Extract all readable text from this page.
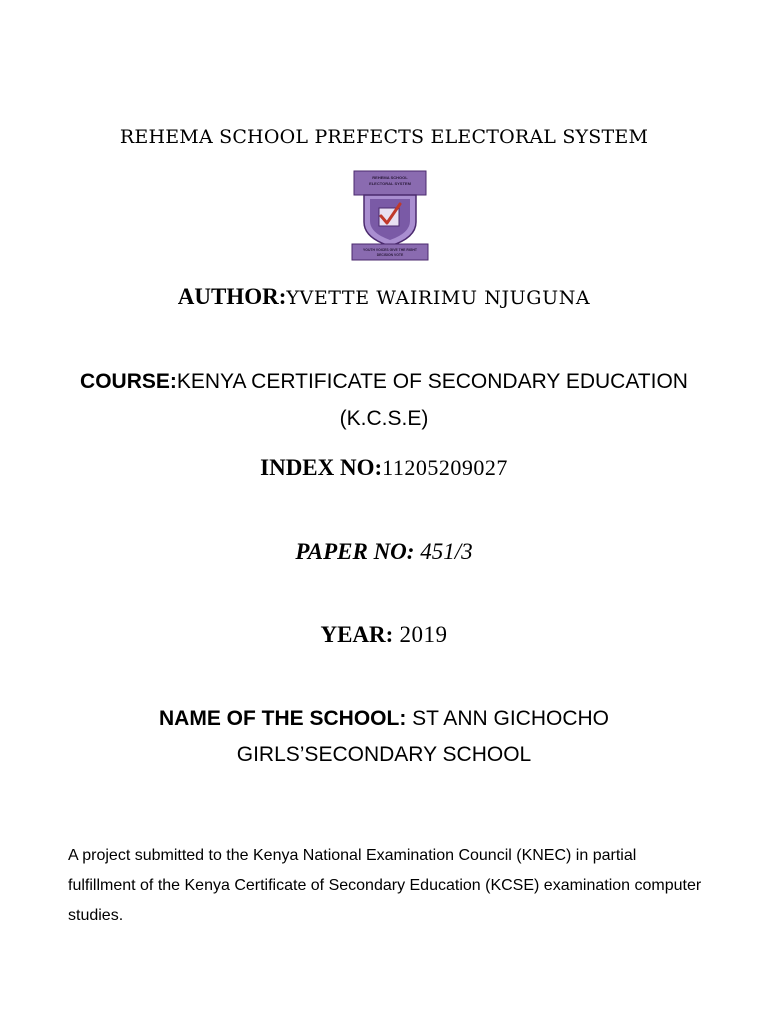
REHEMA SCHOOL PREFECTS ELECTORAL SYSTEM
REHEMA SCHOOL
ELECTORAL SYSTEM
YOUTH VOICES GIVE THE RIGHT
DECISION VOTE
AUTHOR:YVETTE WAIRIMU NJUGUNA
COURSE:KENYA CERTIFICATE OF SECONDARY EDUCATION
(K.C.S.E)
INDEX NO:11205209027
PAPER NO: 451/3
YEAR: 2019
NAME OF THE SCHOOL: ST ANN GICHOCHO
GIRLS’SECONDARY SCHOOL
A project submitted to the Kenya National Examination Council (KNEC) in partial fulfillment of the Kenya Certificate of Secondary Education (KCSE) examination computer studies.
